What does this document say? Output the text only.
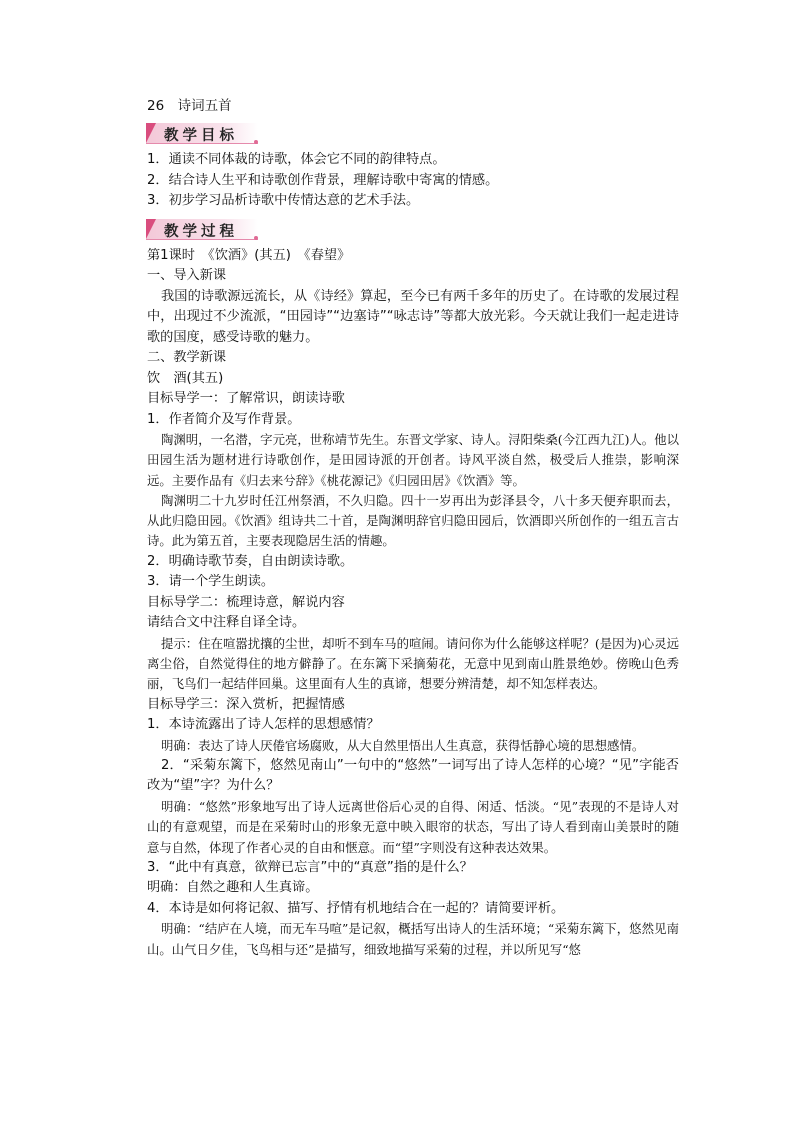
26　诗词五首
教学目标
1．通读不同体裁的诗歌，体会它不同的韵律特点。
2．结合诗人生平和诗歌创作背景，理解诗歌中寄寓的情感。
3．初步学习品析诗歌中传情达意的艺术手法。
教学过程
第1课时　《饮酒》(其五)　《春望》
一、导入新课
我国的诗歌源远流长，从《诗经》算起，至今已有两千多年的历史了。在诗歌的发展过程中，出现过不少流派，“田园诗”“边塞诗”“咏志诗”等都大放光彩。今天就让我们一起走进诗歌的国度，感受诗歌的魅力。
二、教学新课
饮　酒(其五)
目标导学一：了解常识，朗读诗歌
1．作者简介及写作背景。
陶渊明，一名潜，字元亮，世称靖节先生。东晋文学家、诗人。浔阳柴桑(今江西九江)人。他以田园生活为题材进行诗歌创作，是田园诗派的开创者。诗风平淡自然，极受后人推崇，影响深远。主要作品有《归去来兮辞》《桃花源记》《归园田居》《饮酒》等。
陶渊明二十九岁时任江州祭酒，不久归隐。四十一岁再出为彭泽县令，八十多天便弃职而去，从此归隐田园。《饮酒》组诗共二十首，是陶渊明辞官归隐田园后，饮酒即兴所创作的一组五言古诗。此为第五首，主要表现隐居生活的情趣。
2．明确诗歌节奏，自由朗读诗歌。
3．请一个学生朗读。
目标导学二：梳理诗意，解说内容
请结合文中注释自译全诗。
提示：住在喧嚣扰攘的尘世，却听不到车马的喧闹。请问你为什么能够这样呢？(是因为)心灵远离尘俗，自然觉得住的地方僻静了。在东篱下采摘菊花，无意中见到南山胜景绝妙。傍晚山色秀丽，飞鸟们一起结伴回巢。这里面有人生的真谛，想要分辨清楚，却不知怎样表达。
目标导学三：深入赏析，把握情感
1．本诗流露出了诗人怎样的思想感情？
明确：表达了诗人厌倦官场腐败，从大自然里悟出人生真意，获得恬静心境的思想感情。
2．“采菊东篱下，悠然见南山”一句中的“悠然”一词写出了诗人怎样的心境？“见”字能否改为“望”字？为什么？
明确：“悠然”形象地写出了诗人远离世俗后心灵的自得、闲适、恬淡。“见”表现的不是诗人对山的有意观望，而是在采菊时山的形象无意中映入眼帘的状态，写出了诗人看到南山美景时的随意与自然，体现了作者心灵的自由和惬意。而“望”字则没有这种表达效果。
3．“此中有真意，欲辩已忘言”中的“真意”指的是什么？
明确：自然之趣和人生真谛。
4．本诗是如何将记叙、描写、抒情有机地结合在一起的？请简要评析。
明确：“结庐在人境，而无车马喧”是记叙，概括写出诗人的生活环境；“采菊东篱下，悠然见南山。山气日夕佳，飞鸟相与还”是描写，细致地描写采菊的过程，并以所见写“悠
